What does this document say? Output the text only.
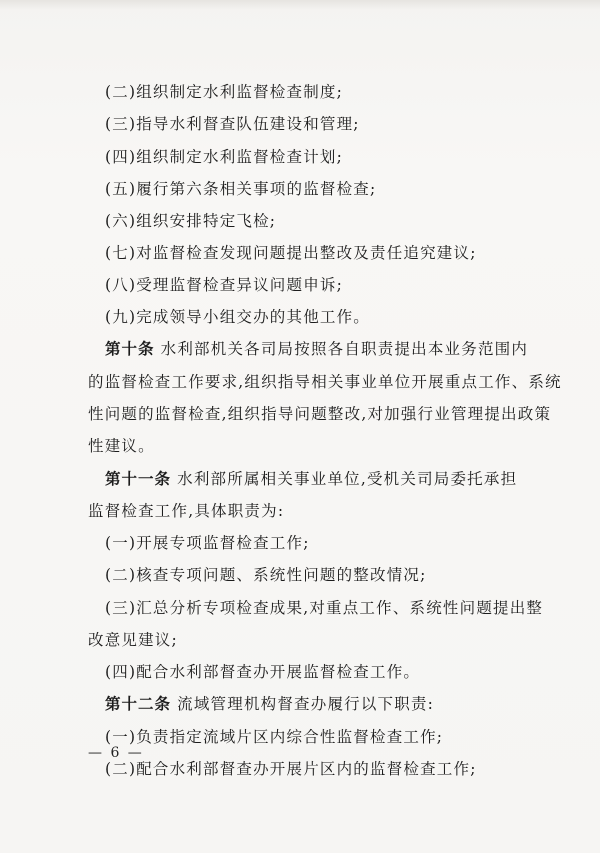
(二)组织制定水利监督检查制度;
(三)指导水利督查队伍建设和管理;
(四)组织制定水利监督检查计划;
(五)履行第六条相关事项的监督检查;
(六)组织安排特定飞检;
(七)对监督检查发现问题提出整改及责任追究建议;
(八)受理监督检查异议问题申诉;
(九)完成领导小组交办的其他工作。
第十条 水利部机关各司局按照各自职责提出本业务范围内
的监督检查工作要求,组织指导相关事业单位开展重点工作、系统
性问题的监督检查,组织指导问题整改,对加强行业管理提出政策
性建议。
第十一条 水利部所属相关事业单位,受机关司局委托承担
监督检查工作,具体职责为:
(一)开展专项监督检查工作;
(二)核查专项问题、系统性问题的整改情况;
(三)汇总分析专项检查成果,对重点工作、系统性问题提出整
改意见建议;
(四)配合水利部督查办开展监督检查工作。
第十二条 流域管理机构督查办履行以下职责:
(一)负责指定流域片区内综合性监督检查工作;
(二)配合水利部督查办开展片区内的监督检查工作;
— 6 —
